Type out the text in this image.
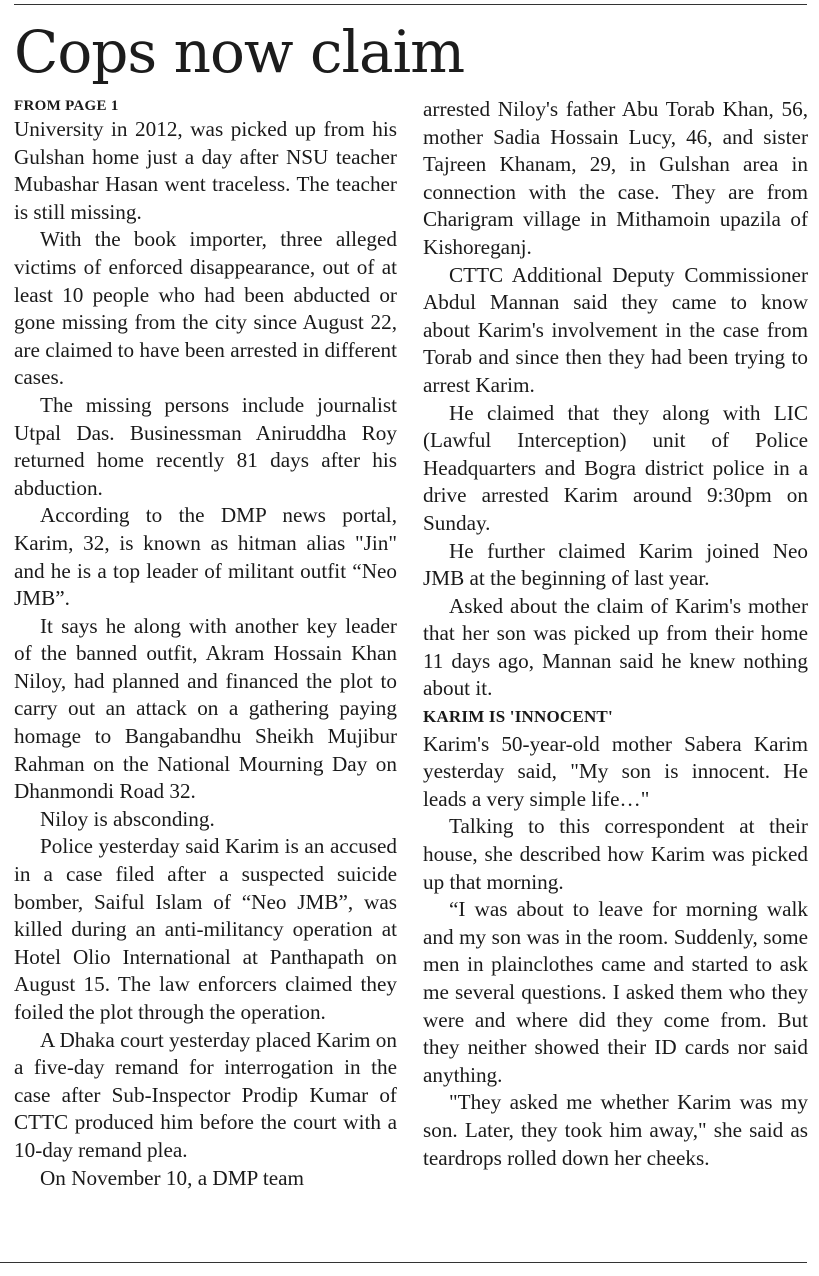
Cops now claim
FROM PAGE 1

University in 2012, was picked up from his Gulshan home just a day after NSU teacher Mubashar Hasan went traceless. The teacher is still missing.

With the book importer, three alleged victims of enforced disappearance, out of at least 10 people who had been abducted or gone missing from the city since August 22, are claimed to have been arrested in different cases.

The missing persons include journalist Utpal Das. Businessman Aniruddha Roy returned home recently 81 days after his abduction.

According to the DMP news portal, Karim, 32, is known as hitman alias "Jin" and he is a top leader of militant outfit “Neo JMB”.

It says he along with another key leader of the banned outfit, Akram Hossain Khan Niloy, had planned and financed the plot to carry out an attack on a gathering paying homage to Bangabandhu Sheikh Mujibur Rahman on the National Mourning Day on Dhanmondi Road 32.

Niloy is absconding.

Police yesterday said Karim is an accused in a case filed after a suspected suicide bomber, Saiful Islam of “Neo JMB”, was killed during an anti-militancy operation at Hotel Olio International at Panthapath on August 15. The law enforcers claimed they foiled the plot through the operation.

A Dhaka court yesterday placed Karim on a five-day remand for interrogation in the case after Sub-Inspector Prodip Kumar of CTTC produced him before the court with a 10-day remand plea.

On November 10, a DMP team

arrested Niloy's father Abu Torab Khan, 56, mother Sadia Hossain Lucy, 46, and sister Tajreen Khanam, 29, in Gulshan area in connection with the case. They are from Charigram village in Mithamoin upazila of Kishoreganj.

CTTC Additional Deputy Commissioner Abdul Mannan said they came to know about Karim's involvement in the case from Torab and since then they had been trying to arrest Karim.

He claimed that they along with LIC (Lawful Interception) unit of Police Headquarters and Bogra district police in a drive arrested Karim around 9:30pm on Sunday.

He further claimed Karim joined Neo JMB at the beginning of last year.

Asked about the claim of Karim's mother that her son was picked up from their home 11 days ago, Mannan said he knew nothing about it.

KARIM IS 'INNOCENT'

Karim's 50-year-old mother Sabera Karim yesterday said, "My son is innocent. He leads a very simple life…"

Talking to this correspondent at their house, she described how Karim was picked up that morning.

“I was about to leave for morning walk and my son was in the room. Suddenly, some men in plainclothes came and started to ask me several questions. I asked them who they were and where did they come from. But they neither showed their ID cards nor said anything.

"They asked me whether Karim was my son. Later, they took him away," she said as teardrops rolled down her cheeks.
